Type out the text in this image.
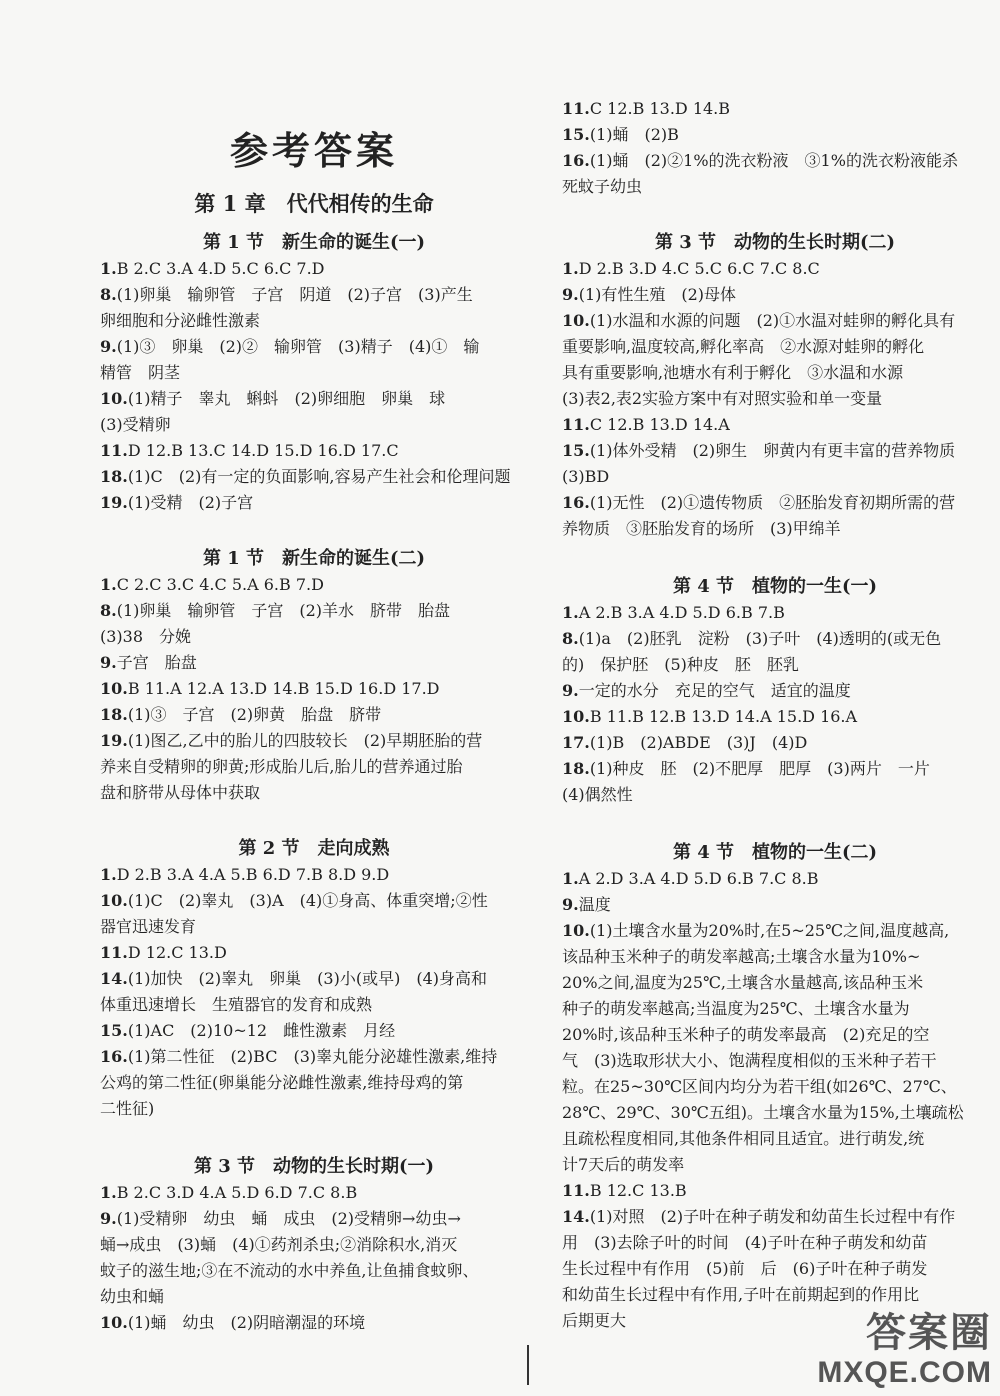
参考答案
第 1 章　代代相传的生命
第 1 节　新生命的诞生(一)
1.B 2.C 3.A 4.D 5.C 6.C 7.D
8.(1)卵巢　输卵管　子宫　阴道　(2)子宫　(3)产生
卵细胞和分泌雌性激素
9.(1)③　卵巢　(2)②　输卵管　(3)精子　(4)①　输
精管　阴茎
10.(1)精子　睾丸　蝌蚪　(2)卵细胞　卵巢　球
(3)受精卵
11.D 12.B 13.C 14.D 15.D 16.D 17.C
18.(1)C　(2)有一定的负面影响,容易产生社会和伦理问题
19.(1)受精　(2)子宫
第 1 节　新生命的诞生(二)
1.C 2.C 3.C 4.C 5.A 6.B 7.D
8.(1)卵巢　输卵管　子宫　(2)羊水　脐带　胎盘
(3)38　分娩
9.子宫　胎盘
10.B 11.A 12.A 13.D 14.B 15.D 16.D 17.D
18.(1)③　子宫　(2)卵黄　胎盘　脐带
19.(1)图乙,乙中的胎儿的四肢较长　(2)早期胚胎的营
养来自受精卵的卵黄;形成胎儿后,胎儿的营养通过胎
盘和脐带从母体中获取
第 2 节　走向成熟
1.D 2.B 3.A 4.A 5.B 6.D 7.B 8.D 9.D
10.(1)C　(2)睾丸　(3)A　(4)①身高、体重突增;②性
器官迅速发育
11.D 12.C 13.D
14.(1)加快　(2)睾丸　卵巢　(3)小(或早)　(4)身高和
体重迅速增长　生殖器官的发育和成熟
15.(1)AC　(2)10~12　雌性激素　月经
16.(1)第二性征　(2)BC　(3)睾丸能分泌雄性激素,维持
公鸡的第二性征(卵巢能分泌雌性激素,维持母鸡的第
二性征)
第 3 节　动物的生长时期(一)
1.B 2.C 3.D 4.A 5.D 6.D 7.C 8.B
9.(1)受精卵　幼虫　蛹　成虫　(2)受精卵→幼虫→
蛹→成虫　(3)蛹　(4)①药剂杀虫;②消除积水,消灭
蚊子的滋生地;③在不流动的水中养鱼,让鱼捕食蚊卵、
幼虫和蛹
10.(1)蛹　幼虫　(2)阴暗潮湿的环境
11.C 12.B 13.D 14.B
15.(1)蛹　(2)B
16.(1)蛹　(2)②1%的洗衣粉液　③1%的洗衣粉液能杀
死蚊子幼虫
第 3 节　动物的生长时期(二)
1.D 2.B 3.D 4.C 5.C 6.C 7.C 8.C
9.(1)有性生殖　(2)母体
10.(1)水温和水源的问题　(2)①水温对蛙卵的孵化具有
重要影响,温度较高,孵化率高　②水源对蛙卵的孵化
具有重要影响,池塘水有利于孵化　③水温和水源
(3)表2,表2实验方案中有对照实验和单一变量
11.C 12.B 13.D 14.A
15.(1)体外受精　(2)卵生　卵黄内有更丰富的营养物质
(3)BD
16.(1)无性　(2)①遗传物质　②胚胎发育初期所需的营
养物质　③胚胎发育的场所　(3)甲绵羊
第 4 节　植物的一生(一)
1.A 2.B 3.A 4.D 5.D 6.B 7.B
8.(1)a　(2)胚乳　淀粉　(3)子叶　(4)透明的(或无色
的)　保护胚　(5)种皮　胚　胚乳
9.一定的水分　充足的空气　适宜的温度
10.B 11.B 12.B 13.D 14.A 15.D 16.A
17.(1)B　(2)ABDE　(3)J　(4)D
18.(1)种皮　胚　(2)不肥厚　肥厚　(3)两片　一片
(4)偶然性
第 4 节　植物的一生(二)
1.A 2.D 3.A 4.D 5.D 6.B 7.C 8.B
9.温度
10.(1)土壤含水量为20%时,在5~25℃之间,温度越高,
该品种玉米种子的萌发率越高;土壤含水量为10%~
20%之间,温度为25℃,土壤含水量越高,该品种玉米
种子的萌发率越高;当温度为25℃、土壤含水量为
20%时,该品种玉米种子的萌发率最高　(2)充足的空
气　(3)选取形状大小、饱满程度相似的玉米种子若干
粒。在25~30℃区间内均分为若干组(如26℃、27℃、
28℃、29℃、30℃五组)。土壤含水量为15%,土壤疏松
且疏松程度相同,其他条件相同且适宜。进行萌发,统
计7天后的萌发率
11.B 12.C 13.B
14.(1)对照　(2)子叶在种子萌发和幼苗生长过程中有作
用　(3)去除子叶的时间　(4)子叶在种子萌发和幼苗
生长过程中有作用　(5)前　后　(6)子叶在种子萌发
和幼苗生长过程中有作用,子叶在前期起到的作用比
后期更大	答案圈
MXQE.COM
